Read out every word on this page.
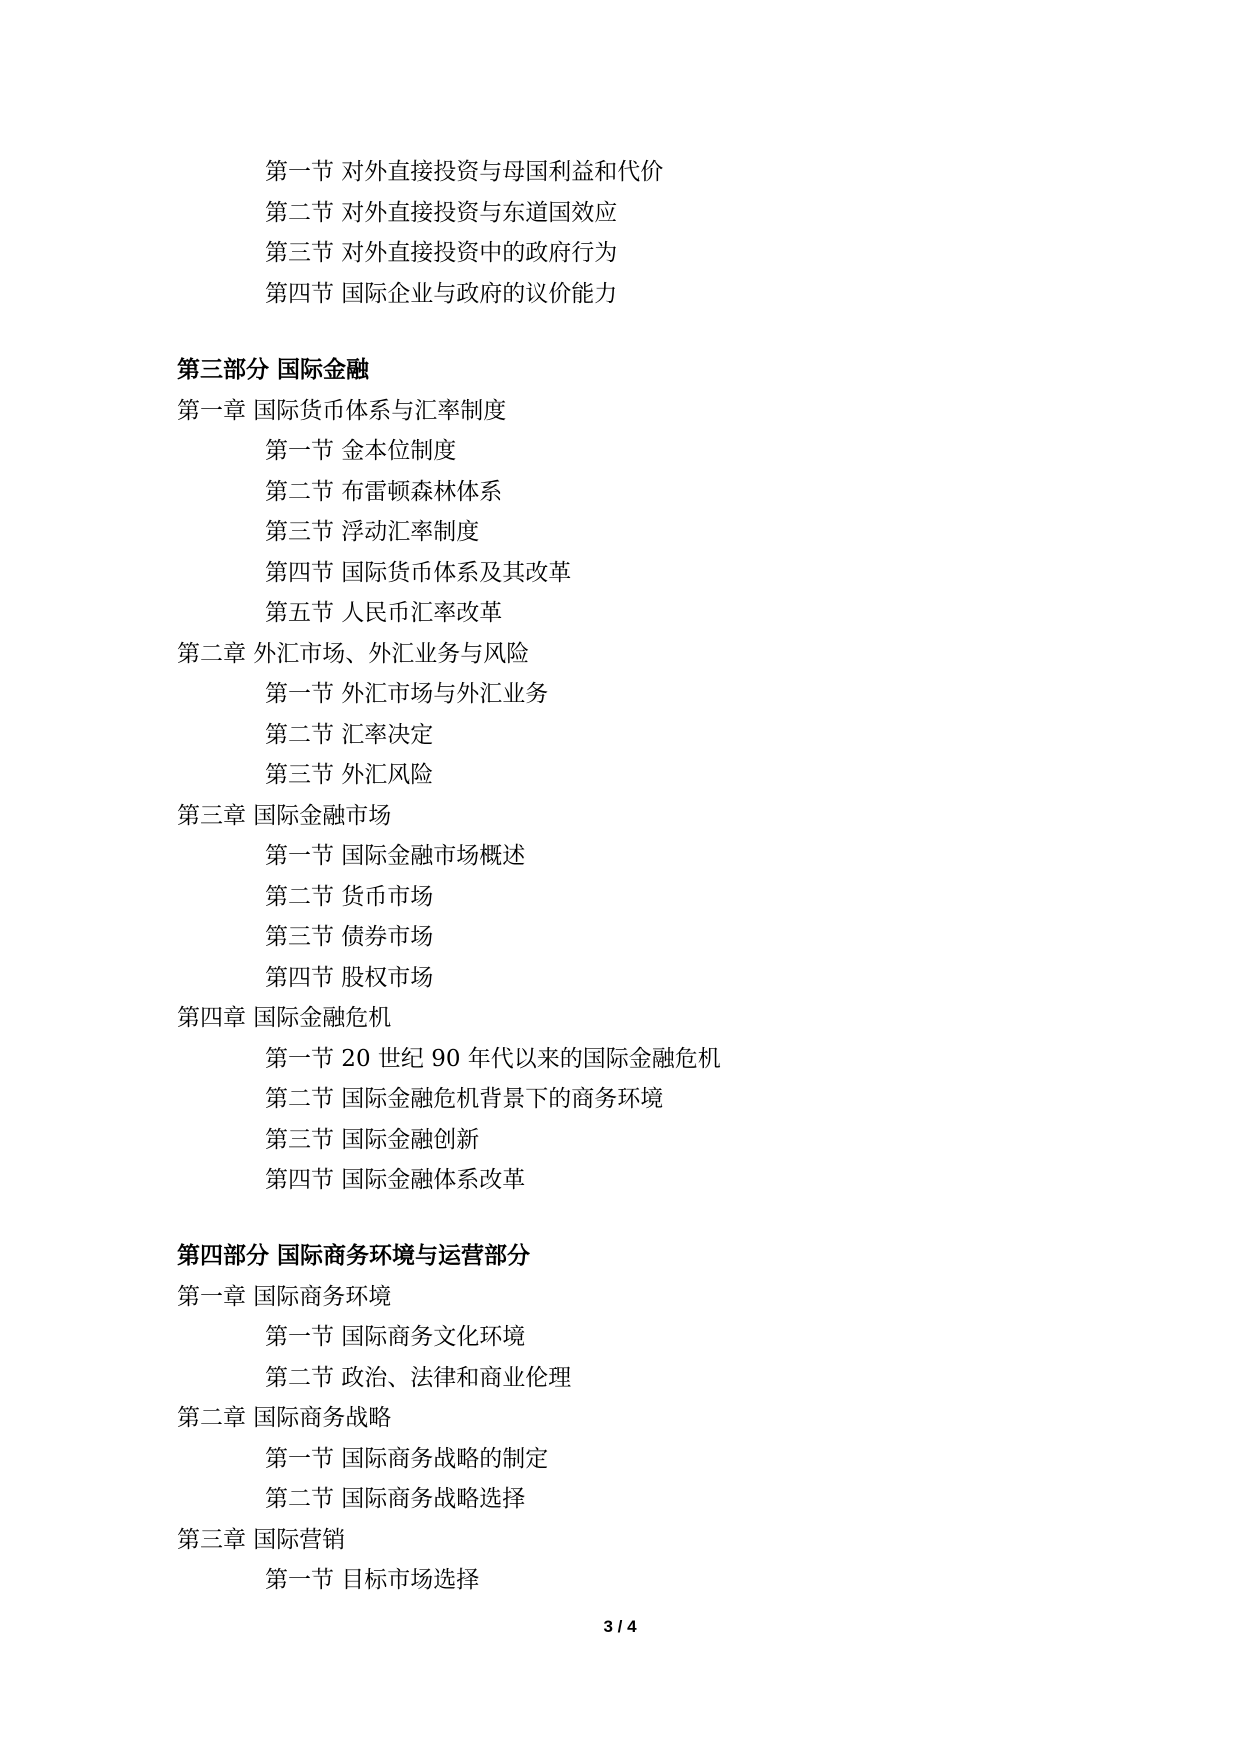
第一节 对外直接投资与母国利益和代价
第二节 对外直接投资与东道国效应
第三节 对外直接投资中的政府行为
第四节 国际企业与政府的议价能力
第三部分 国际金融
第一章 国际货币体系与汇率制度
第一节 金本位制度
第二节 布雷顿森林体系
第三节 浮动汇率制度
第四节 国际货币体系及其改革
第五节 人民币汇率改革
第二章 外汇市场、外汇业务与风险
第一节 外汇市场与外汇业务
第二节 汇率决定
第三节 外汇风险
第三章 国际金融市场
第一节 国际金融市场概述
第二节 货币市场
第三节 债券市场
第四节 股权市场
第四章 国际金融危机
第一节 20 世纪 90 年代以来的国际金融危机
第二节 国际金融危机背景下的商务环境
第三节 国际金融创新
第四节 国际金融体系改革
第四部分 国际商务环境与运营部分
第一章 国际商务环境
第一节 国际商务文化环境
第二节 政治、法律和商业伦理
第二章 国际商务战略
第一节 国际商务战略的制定
第二节 国际商务战略选择
第三章 国际营销
第一节 目标市场选择
3 / 4
